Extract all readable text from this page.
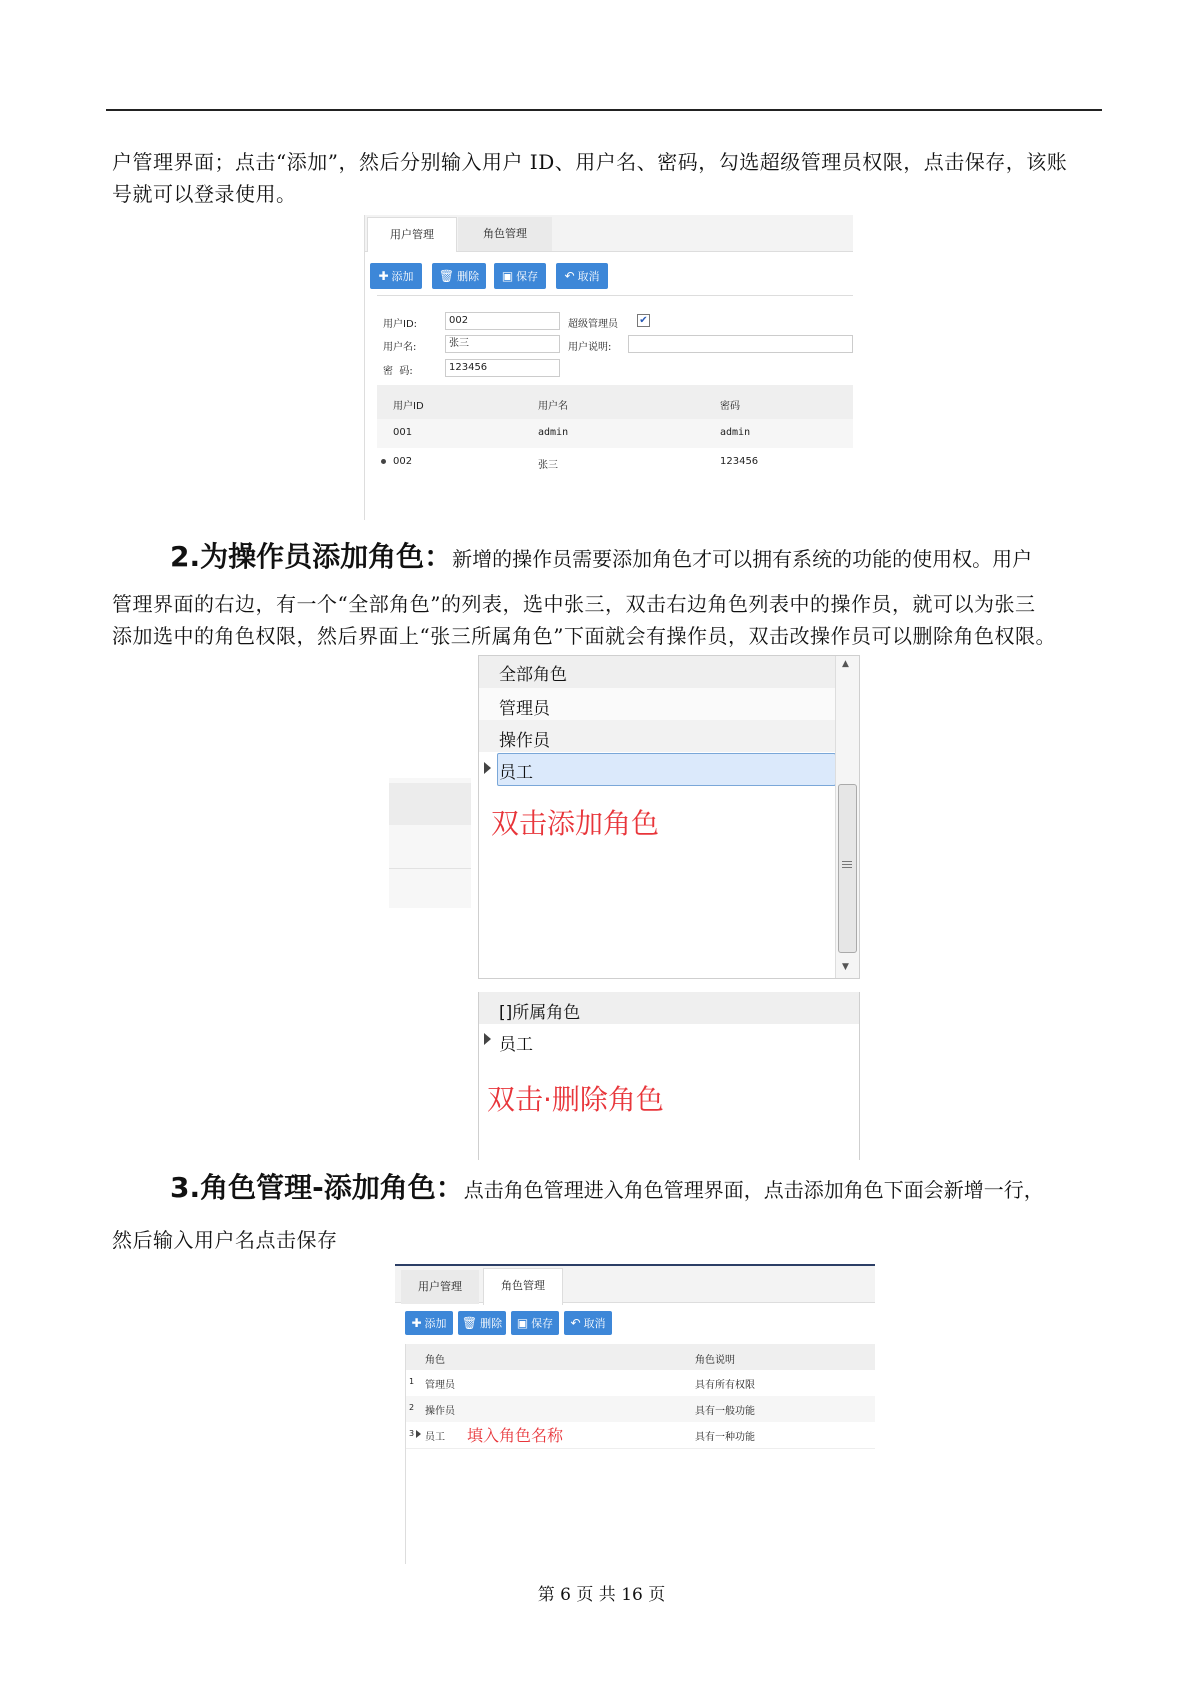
户管理界面；点击“添加”，然后分别输入用户 ID、用户名、密码，勾选超级管理员权限，点击保存，该账
号就可以登录使用。
用户管理	角色管理
✚ 添加	🗑 删除	▣ 保存	↶ 取消
用户ID:	002
用户名:	张三
密  码:	123456
超级管理员 ✔
用户说明:
用户ID	用户名	密码
001	admin	admin
002	张三	123456
2.为操作员添加角色：新增的操作员需要添加角色才可以拥有系统的功能的使用权。用户
管理界面的右边，有一个“全部角色”的列表，选中张三，双击右边角色列表中的操作员，就可以为张三
添加选中的角色权限，然后界面上“张三所属角色”下面就会有操作员，双击改操作员可以删除角色权限。
全部角色
管理员
操作员
员工
双击添加角色
▲
▼
[]所属角色
员工
双击·删除角色
3.角色管理-添加角色：点击角色管理进入角色管理界面，点击添加角色下面会新增一行，
然后输入用户名点击保存
用户管理	角色管理
✚ 添加	🗑 删除	▣ 保存	↶ 取消
角色	角色说明
1 管理员	具有所有权限
2 操作员	具有一般功能
3 员工 填入角色名称	具有一种功能
第 6 页 共 16 页
